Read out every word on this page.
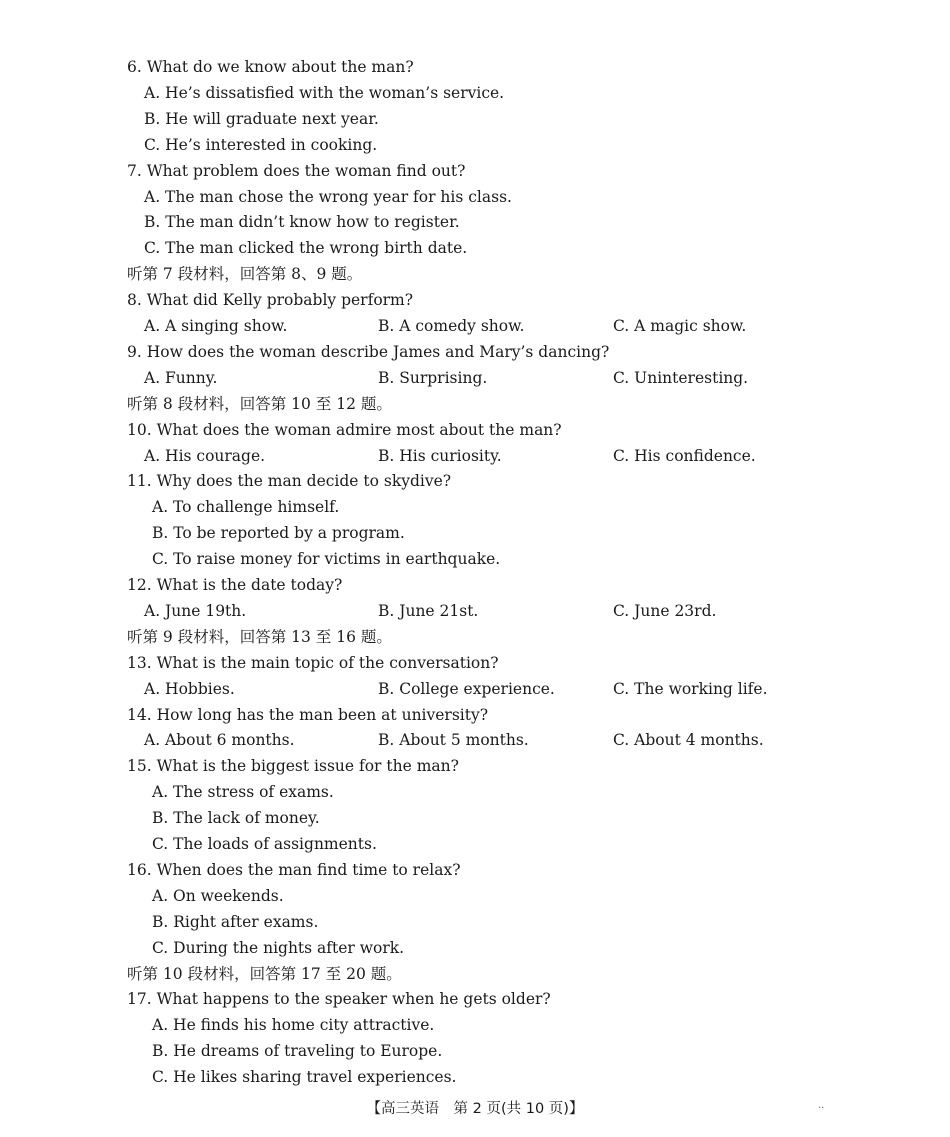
6. What do we know about the man?
A. He’s dissatisfied with the woman’s service.
B. He will graduate next year.
C. He’s interested in cooking.
7. What problem does the woman find out?
A. The man chose the wrong year for his class.
B. The man didn’t know how to register.
C. The man clicked the wrong birth date.
听第 7 段材料，回答第 8、9 题。
8. What did Kelly probably perform?
A. A singing show.	B. A comedy show.	C. A magic show.
9. How does the woman describe James and Mary’s dancing?
A. Funny.	B. Surprising.	C. Uninteresting.
听第 8 段材料，回答第 10 至 12 题。
10. What does the woman admire most about the man?
A. His courage.	B. His curiosity.	C. His confidence.
11. Why does the man decide to skydive?
A. To challenge himself.
B. To be reported by a program.
C. To raise money for victims in earthquake.
12. What is the date today?
A. June 19th.	B. June 21st.	C. June 23rd.
听第 9 段材料，回答第 13 至 16 题。
13. What is the main topic of the conversation?
A. Hobbies.	B. College experience.	C. The working life.
14. How long has the man been at university?
A. About 6 months.	B. About 5 months.	C. About 4 months.
15. What is the biggest issue for the man?
A. The stress of exams.
B. The lack of money.
C. The loads of assignments.
16. When does the man find time to relax?
A. On weekends.
B. Right after exams.
C. During the nights after work.
听第 10 段材料，回答第 17 至 20 题。
17. What happens to the speaker when he gets older?
A. He finds his home city attractive.
B. He dreams of traveling to Europe.
C. He likes sharing travel experiences.
【高三英语　第 2 页(共 10 页)】	..
